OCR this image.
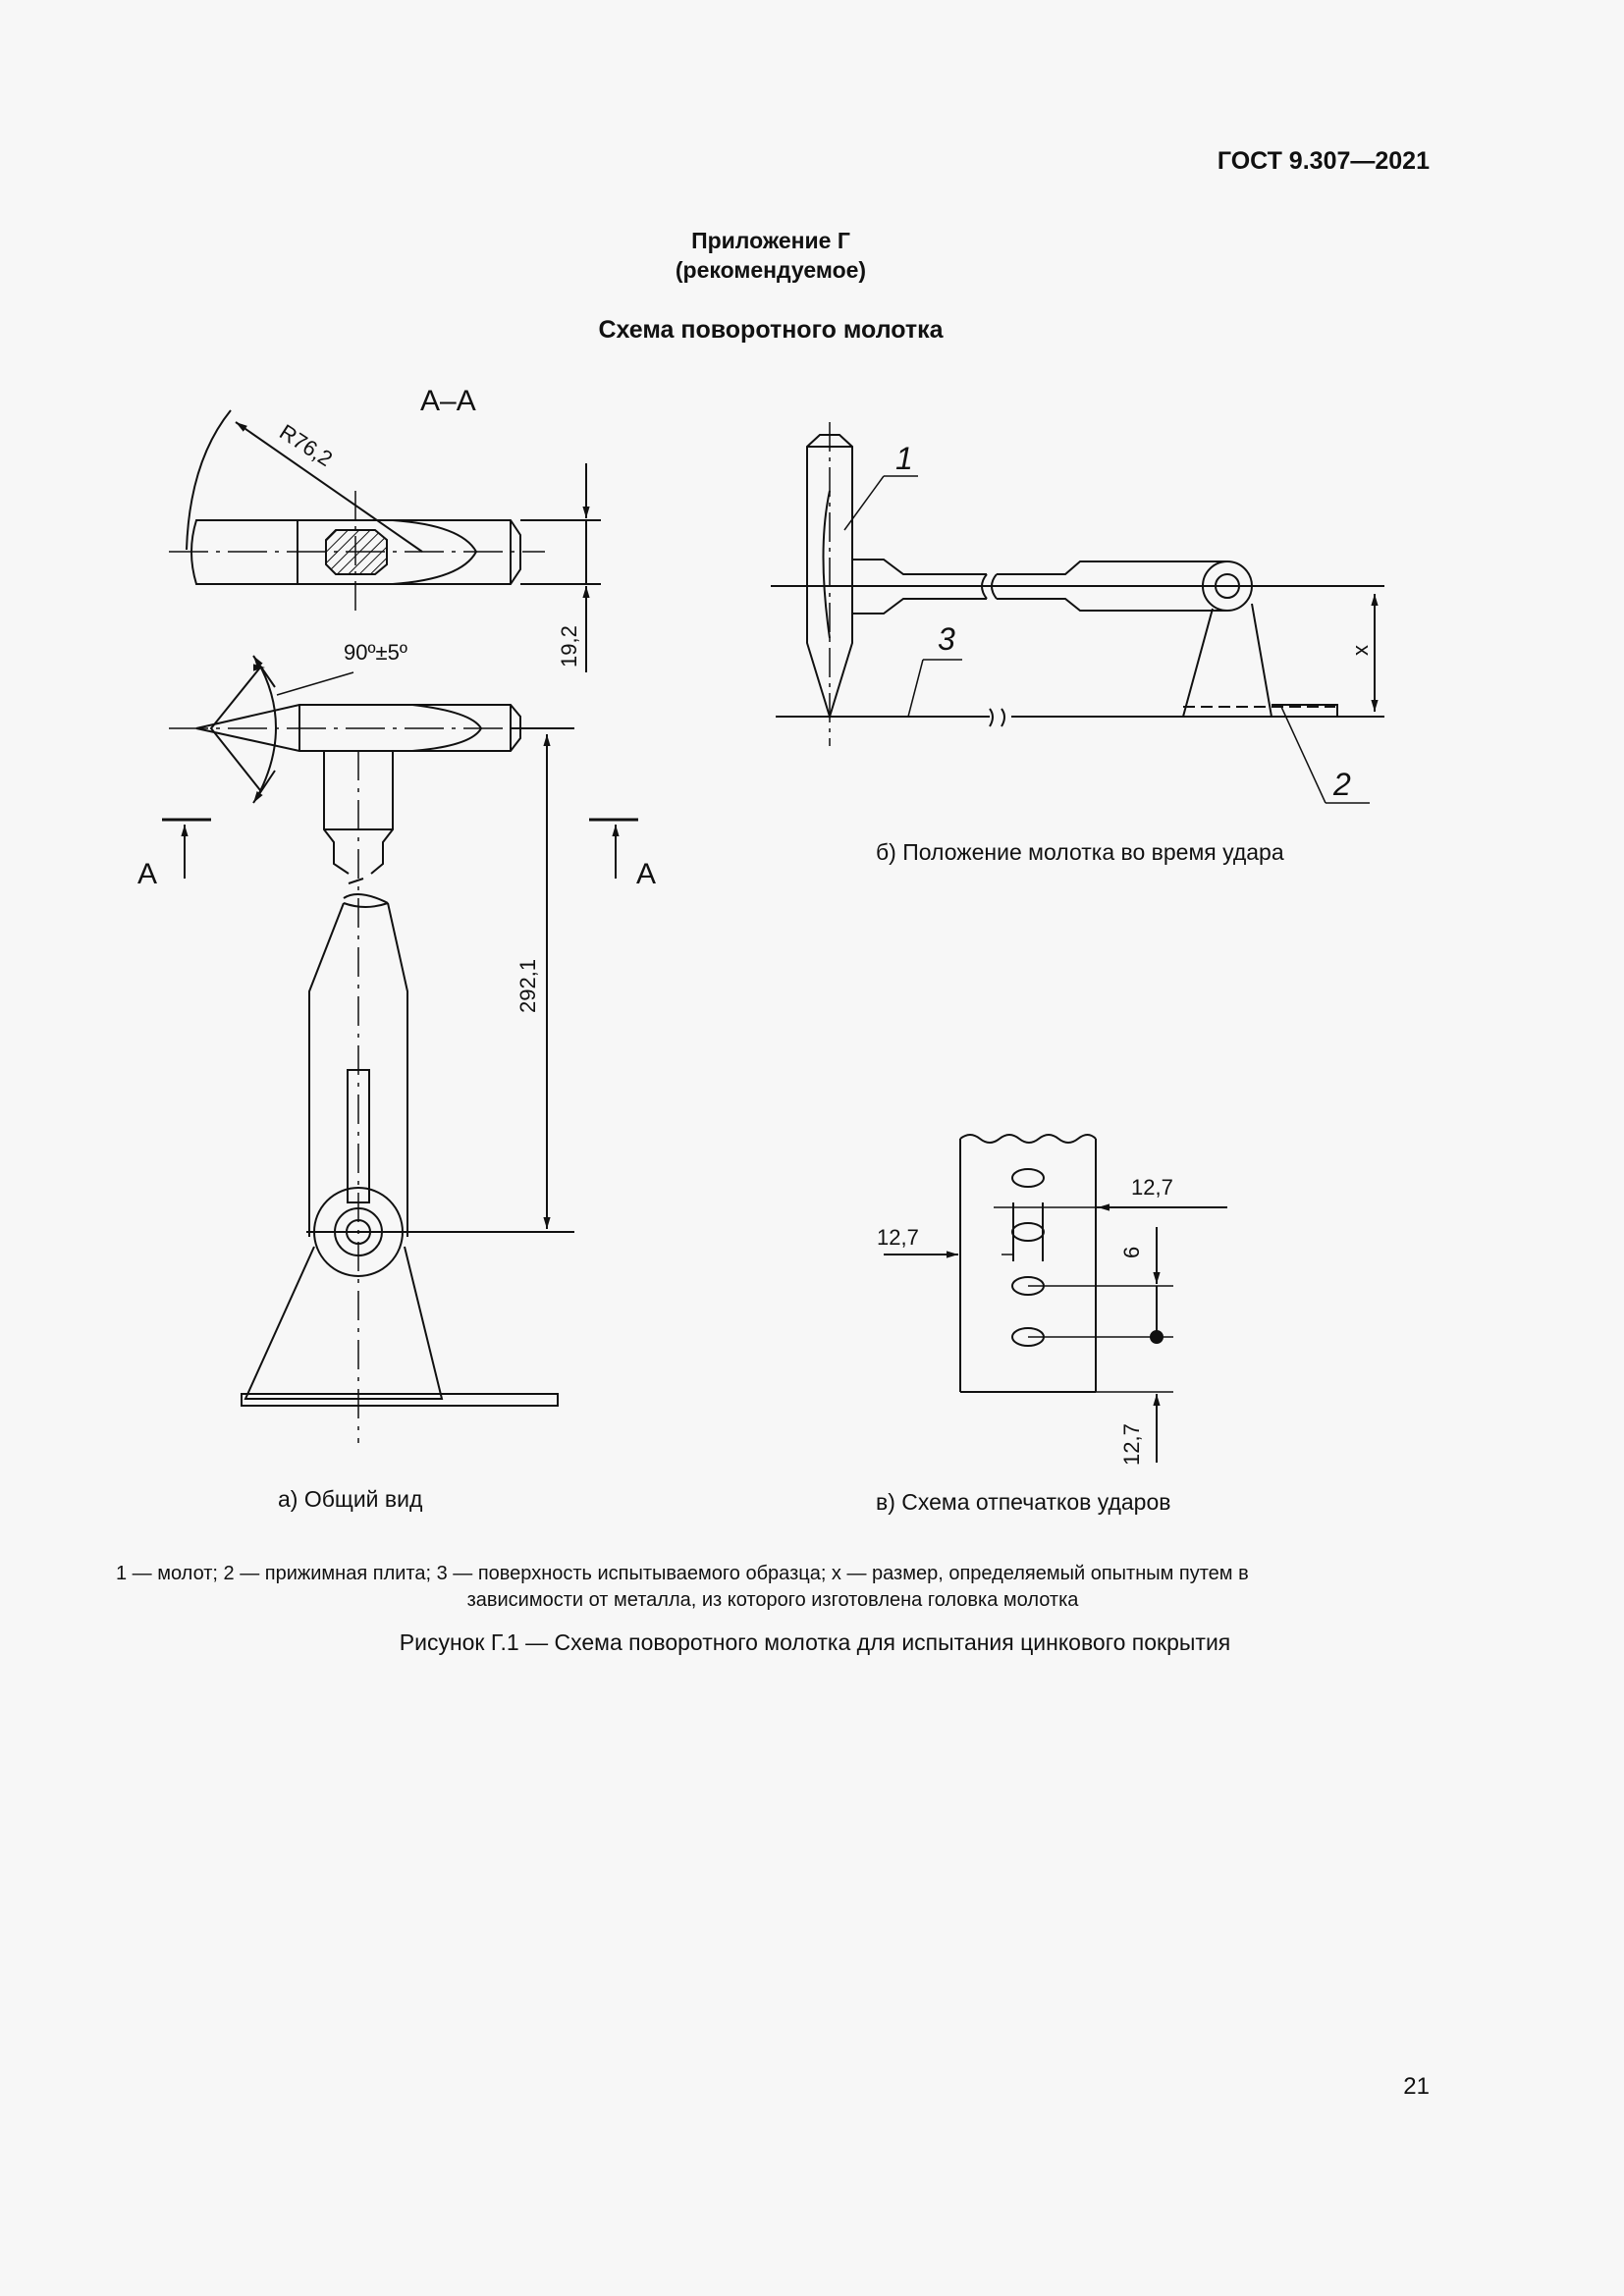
ГОСТ 9.307—2021
Приложение Г
(рекомендуемое)
Схема поворотного молотка
А–А
R76,2
90º±5º	19,2
292,1
А	А
а) Общий вид
1
3
2
x
б) Положение молотка во время удара
12,7
12,7
6
12,7
в) Схема отпечатков ударов
1 — молот; 2 — прижимная плита; 3 — поверхность испытываемого образца; x — размер, определяемый опытным путем в
зависимости от металла, из которого изготовлена головка молотка
Рисунок Г.1 — Схема поворотного молотка для испытания цинкового покрытия
21
